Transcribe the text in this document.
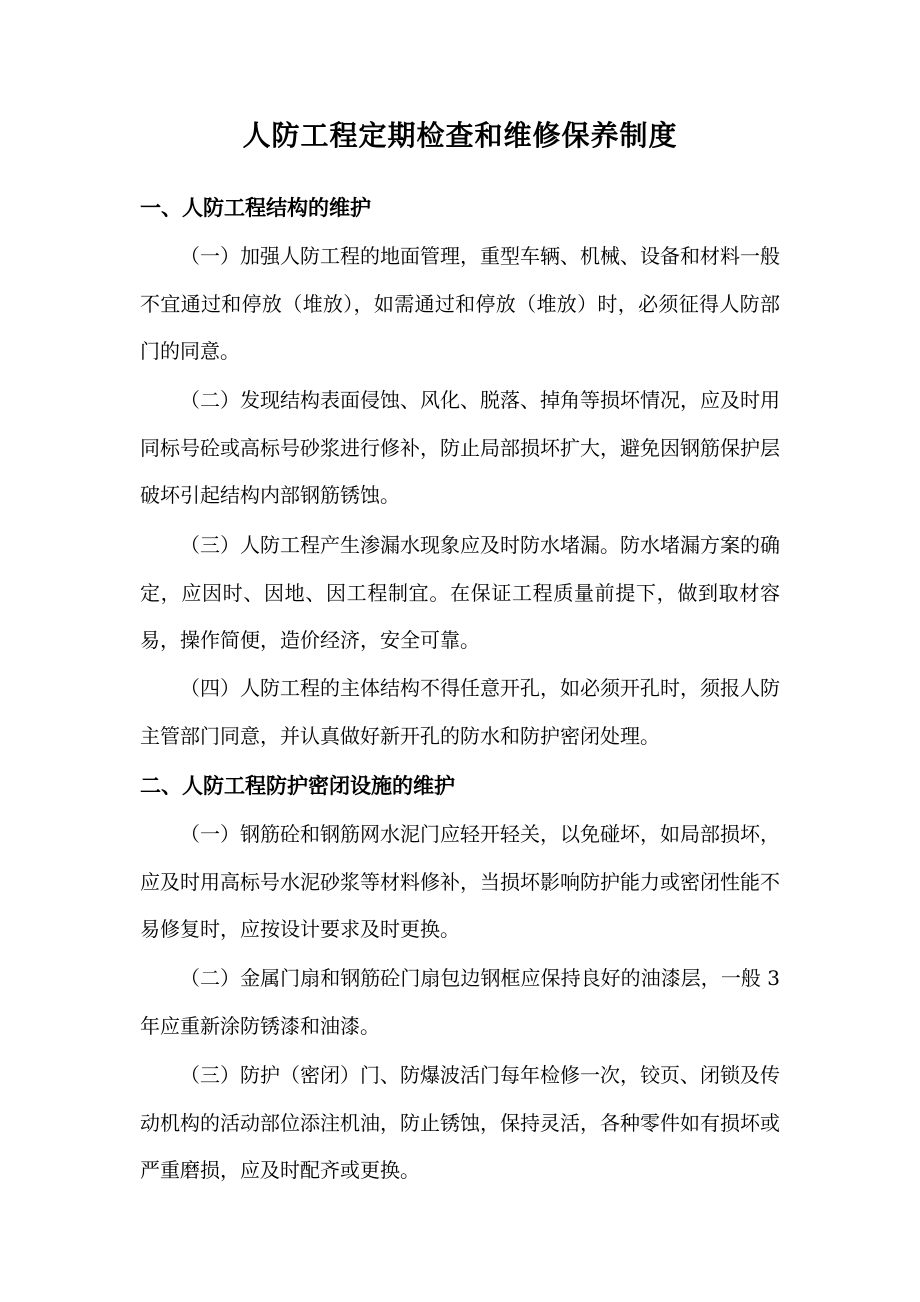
人防工程定期检查和维修保养制度
一、人防工程结构的维护

（一）加强人防工程的地面管理，重型车辆、机械、设备和材料一般不宜通过和停放（堆放），如需通过和停放（堆放）时，必须征得人防部门的同意。

（二）发现结构表面侵蚀、风化、脱落、掉角等损坏情况，应及时用同标号砼或高标号砂浆进行修补，防止局部损坏扩大，避免因钢筋保护层破坏引起结构内部钢筋锈蚀。

（三）人防工程产生渗漏水现象应及时防水堵漏。防水堵漏方案的确定，应因时、因地、因工程制宜。在保证工程质量前提下，做到取材容易，操作简便，造价经济，安全可靠。

（四）人防工程的主体结构不得任意开孔，如必须开孔时，须报人防主管部门同意，并认真做好新开孔的防水和防护密闭处理。

二、人防工程防护密闭设施的维护

（一）钢筋砼和钢筋网水泥门应轻开轻关，以免碰坏，如局部损坏，应及时用高标号水泥砂浆等材料修补，当损坏影响防护能力或密闭性能不易修复时，应按设计要求及时更换。

（二）金属门扇和钢筋砼门扇包边钢框应保持良好的油漆层，一般 3 年应重新涂防锈漆和油漆。

（三）防护（密闭）门、防爆波活门每年检修一次，铰页、闭锁及传动机构的活动部位添注机油，防止锈蚀，保持灵活，各种零件如有损坏或严重磨损，应及时配齐或更换。
